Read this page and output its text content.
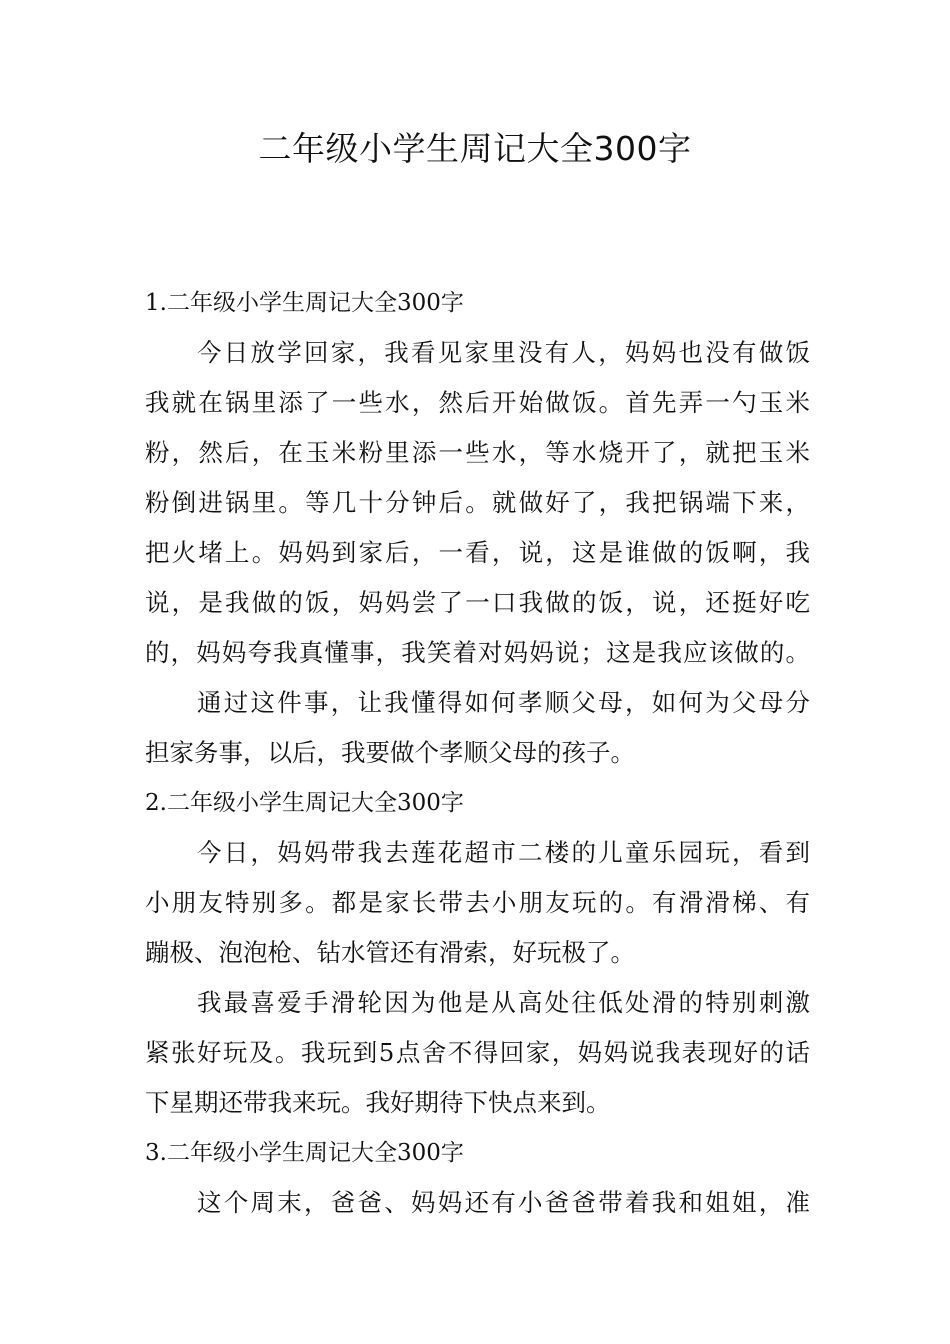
二年级小学生周记大全300字
1.二年级小学生周记大全300字
今日放学回家，我看见家里没有人，妈妈也没有做饭
我就在锅里添了一些水，然后开始做饭。首先弄一勺玉米
粉，然后，在玉米粉里添一些水，等水烧开了，就把玉米
粉倒进锅里。等几十分钟后。就做好了，我把锅端下来，
把火堵上。妈妈到家后，一看，说，这是谁做的饭啊，我
说，是我做的饭，妈妈尝了一口我做的饭，说，还挺好吃
的，妈妈夸我真懂事，我笑着对妈妈说；这是我应该做的。
通过这件事，让我懂得如何孝顺父母，如何为父母分
担家务事，以后，我要做个孝顺父母的孩子。
2.二年级小学生周记大全300字
今日，妈妈带我去莲花超市二楼的儿童乐园玩，看到
小朋友特别多。都是家长带去小朋友玩的。有滑滑梯、有
蹦极、泡泡枪、钻水管还有滑索，好玩极了。
我最喜爱手滑轮因为他是从高处往低处滑的特别刺激
紧张好玩及。我玩到5点舍不得回家，妈妈说我表现好的话
下星期还带我来玩。我好期待下快点来到。
3.二年级小学生周记大全300字
这个周末，爸爸、妈妈还有小爸爸带着我和姐姐，准
